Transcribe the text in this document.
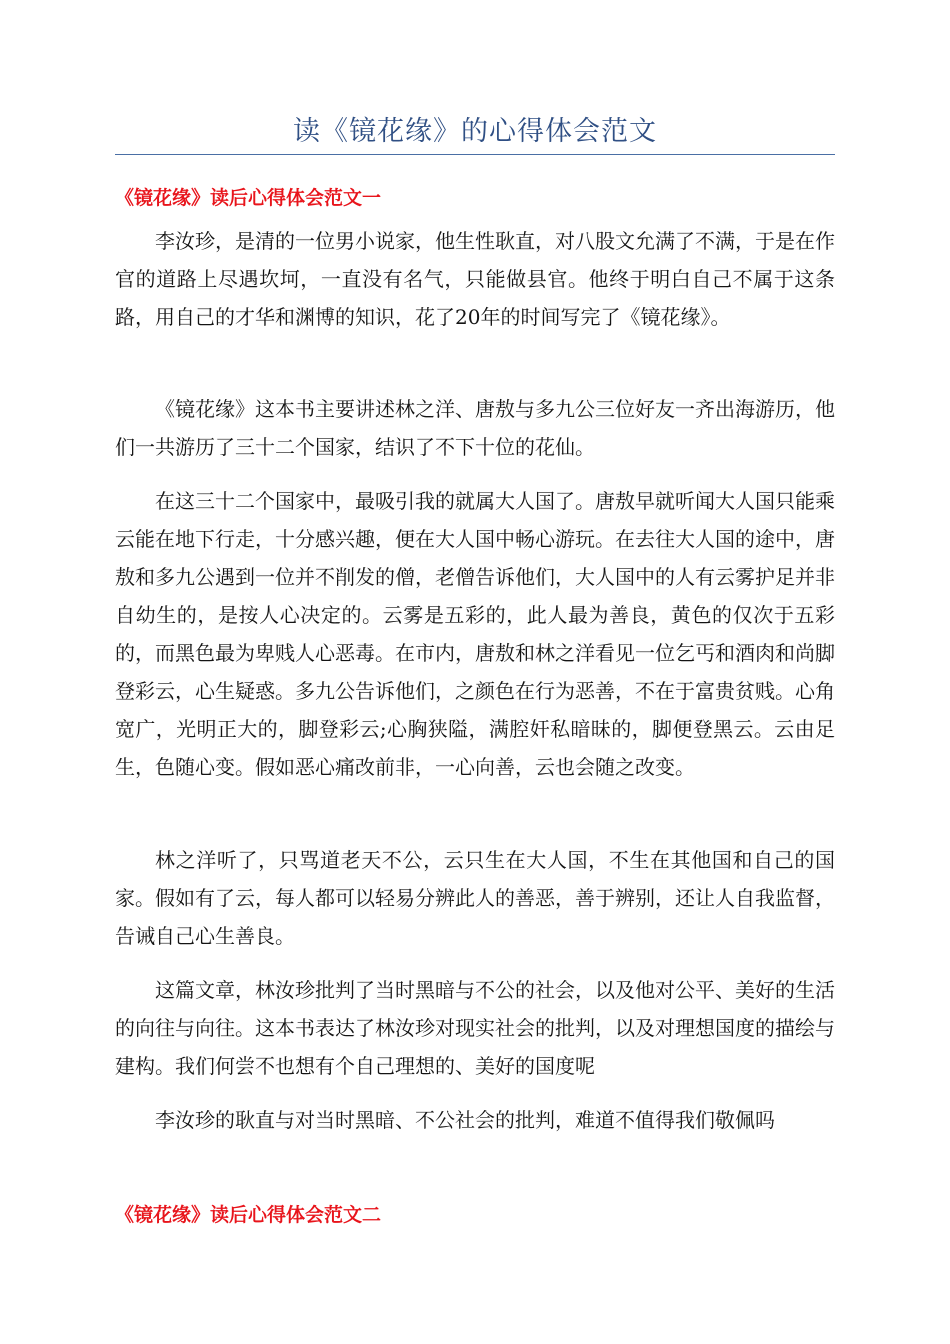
读《镜花缘》的心得体会范文
《镜花缘》读后心得体会范文一

李汝珍，是清的一位男小说家，他生性耿直，对八股文允满了不满，于是在作官的道路上尽遇坎坷，一直没有名气，只能做县官。他终于明白自己不属于这条路，用自己的才华和渊博的知识，花了20年的时间写完了《镜花缘》。

《镜花缘》这本书主要讲述林之洋、唐敖与多九公三位好友一齐出海游历，他们一共游历了三十二个国家，结识了不下十位的花仙。

在这三十二个国家中，最吸引我的就属大人国了。唐敖早就听闻大人国只能乘云能在地下行走，十分感兴趣，便在大人国中畅心游玩。在去往大人国的途中，唐敖和多九公遇到一位并不削发的僧，老僧告诉他们，大人国中的人有云雾护足并非自幼生的，是按人心决定的。云雾是五彩的，此人最为善良，黄色的仅次于五彩的，而黑色最为卑贱人心恶毒。在市内，唐敖和林之洋看见一位乞丐和酒肉和尚脚登彩云，心生疑惑。多九公告诉他们，之颜色在行为恶善，不在于富贵贫贱。心角宽广，光明正大的，脚登彩云;心胸狭隘，满腔奸私暗昧的，脚便登黑云。云由足生，色随心变。假如恶心痛改前非，一心向善，云也会随之改变。

林之洋听了，只骂道老天不公，云只生在大人国，不生在其他国和自己的国家。假如有了云，每人都可以轻易分辨此人的善恶，善于辨别，还让人自我监督，告诫自己心生善良。

这篇文章，林汝珍批判了当时黑暗与不公的社会，以及他对公平、美好的生活的向往与向往。这本书表达了林汝珍对现实社会的批判，以及对理想国度的描绘与建构。我们何尝不也想有个自己理想的、美好的国度呢

李汝珍的耿直与对当时黑暗、不公社会的批判，难道不值得我们敬佩吗

《镜花缘》读后心得体会范文二
